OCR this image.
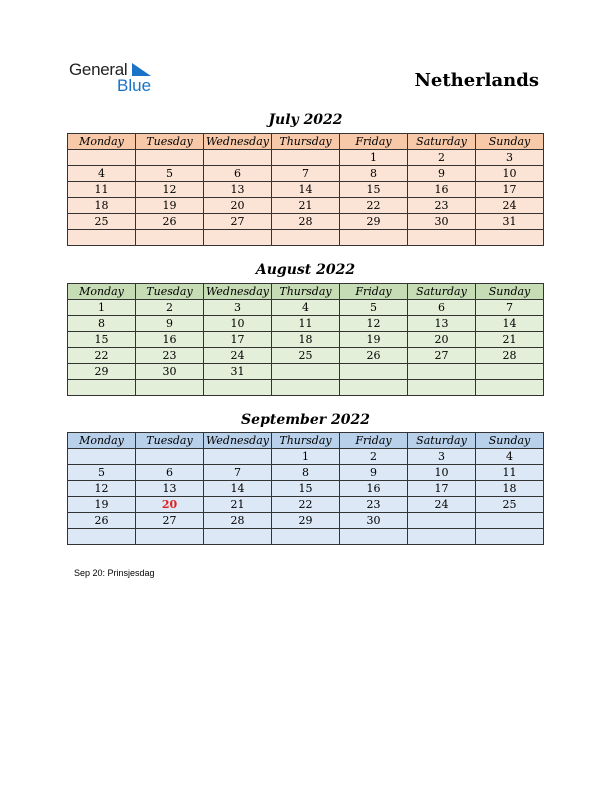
General
Blue	Netherlands
July 2022
Monday	Tuesday	Wednesday	Thursday	Friday	Saturday	Sunday
				1	2	3
4	5	6	7	8	9	10
11	12	13	14	15	16	17
18	19	20	21	22	23	24
25	26	27	28	29	30	31

August 2022
Monday	Tuesday	Wednesday	Thursday	Friday	Saturday	Sunday
1	2	3	4	5	6	7
8	9	10	11	12	13	14
15	16	17	18	19	20	21
22	23	24	25	26	27	28
29	30	31				

September 2022
Monday	Tuesday	Wednesday	Thursday	Friday	Saturday	Sunday
			1	2	3	4
5	6	7	8	9	10	11
12	13	14	15	16	17	18
19	20	21	22	23	24	25
26	27	28	29	30		

Sep 20: Prinsjesdag
